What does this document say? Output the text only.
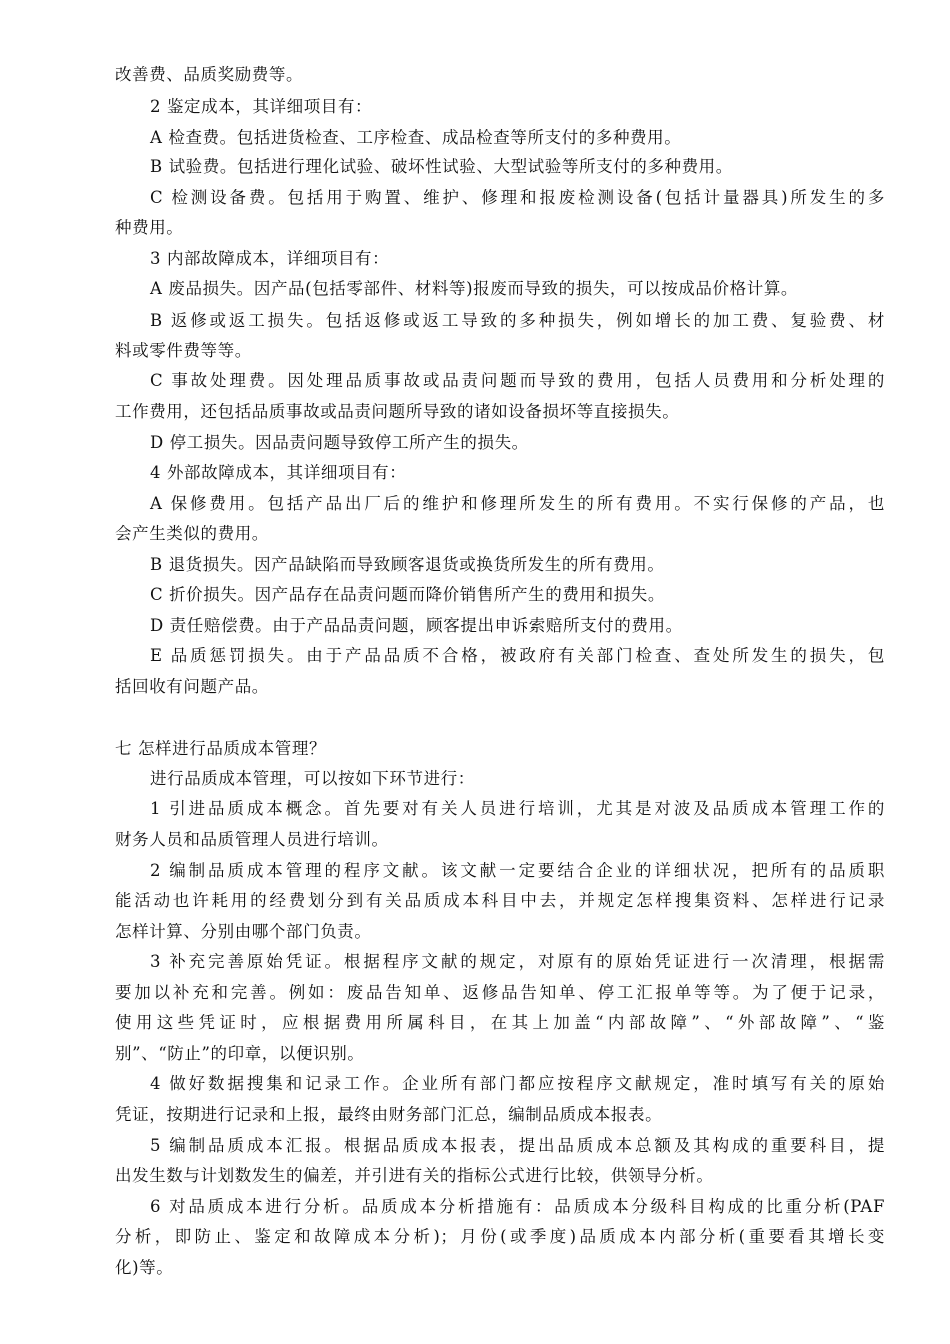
改善费、品质奖励费等。
2 鉴定成本，其详细项目有：
A 检查费。包括进货检查、工序检查、成品检查等所支付的多种费用。
B 试验费。包括进行理化试验、破坏性试验、大型试验等所支付的多种费用。
C 检测设备费。包括用于购置、维护、修理和报废检测设备(包括计量器具)所发生的多
种费用。
3 内部故障成本，详细项目有：
A 废品损失。因产品(包括零部件、材料等)报废而导致的损失，可以按成品价格计算。
B 返修或返工损失。包括返修或返工导致的多种损失，例如增长的加工费、复验费、材
料或零件费等等。
C 事故处理费。因处理品质事故或品责问题而导致的费用，包括人员费用和分析处理的
工作费用，还包括品质事故或品责问题所导致的诸如设备损坏等直接损失。
D 停工损失。因品责问题导致停工所产生的损失。
4 外部故障成本，其详细项目有：
A 保修费用。包括产品出厂后的维护和修理所发生的所有费用。不实行保修的产品，也
会产生类似的费用。
B 退货损失。因产品缺陷而导致顾客退货或换货所发生的所有费用。
C 折价损失。因产品存在品责问题而降价销售所产生的费用和损失。
D 责任赔偿费。由于产品品责问题，顾客提出申诉索赔所支付的费用。
E 品质惩罚损失。由于产品品质不合格，被政府有关部门检查、查处所发生的损失，包
括回收有问题产品。
七 怎样进行品质成本管理？
进行品质成本管理，可以按如下环节进行：
1 引进品质成本概念。首先要对有关人员进行培训，尤其是对波及品质成本管理工作的
财务人员和品质管理人员进行培训。
2 编制品质成本管理的程序文献。该文献一定要结合企业的详细状况，把所有的品质职
能活动也许耗用的经费划分到有关品质成本科目中去，并规定怎样搜集资料、怎样进行记录
怎样计算、分别由哪个部门负责。
3 补充完善原始凭证。根据程序文献的规定，对原有的原始凭证进行一次清理，根据需
要加以补充和完善。例如：废品告知单、返修品告知单、停工汇报单等等。为了便于记录，
使用这些凭证时，应根据费用所属科目，在其上加盖“内部故障”、“外部故障”、“鉴
别”、“防止”的印章，以便识别。
4 做好数据搜集和记录工作。企业所有部门都应按程序文献规定，准时填写有关的原始
凭证，按期进行记录和上报，最终由财务部门汇总，编制品质成本报表。
5 编制品质成本汇报。根据品质成本报表，提出品质成本总额及其构成的重要科目，提
出发生数与计划数发生的偏差，并引进有关的指标公式进行比较，供领导分析。
6 对品质成本进行分析。品质成本分析措施有：品质成本分级科目构成的比重分析(PAF
分析，即防止、鉴定和故障成本分析)；月份(或季度)品质成本内部分析(重要看其增长变
化)等。
